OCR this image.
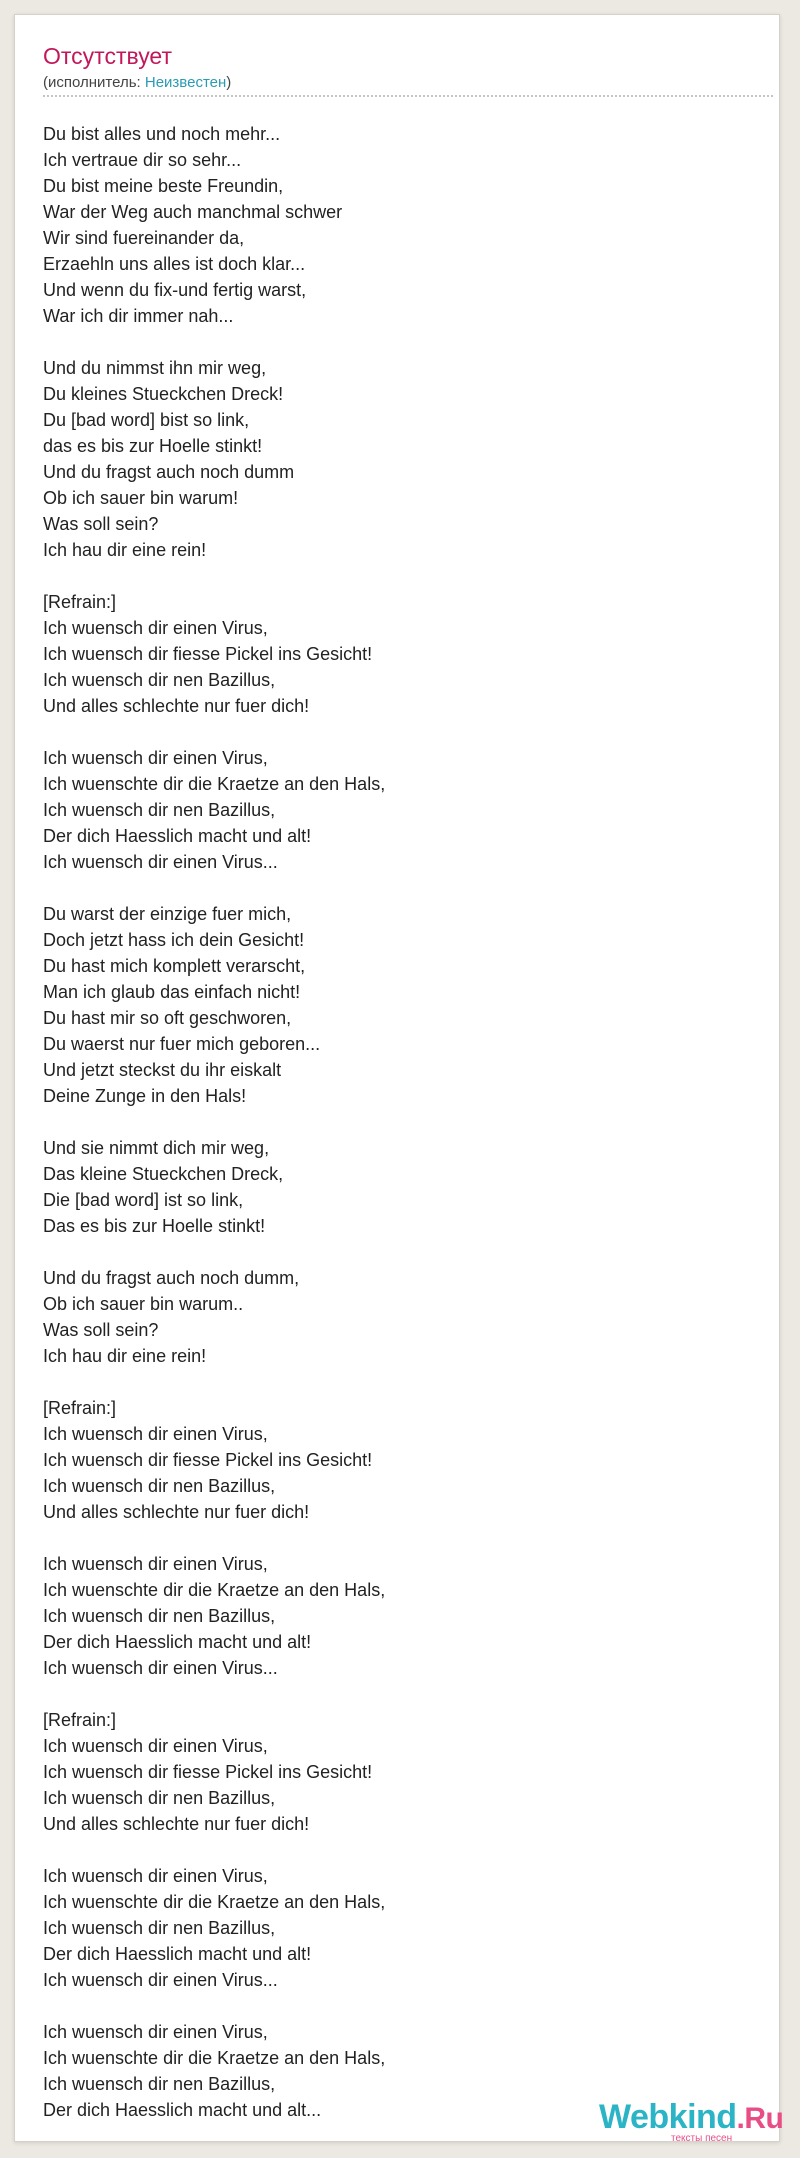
Отсутствует
(исполнитель: Неизвестен)
Du bist alles und noch mehr...
Ich vertraue dir so sehr...
Du bist meine beste Freundin,
War der Weg auch manchmal schwer
Wir sind fuereinander da,
Erzaehln uns alles ist doch klar...
Und wenn du fix-und fertig warst,
War ich dir immer nah...
Und du nimmst ihn mir weg,
Du kleines Stueckchen Dreck!
Du [bad word] bist so link,
das es bis zur Hoelle stinkt!
Und du fragst auch noch dumm
Ob ich sauer bin warum!
Was soll sein?
Ich hau dir eine rein!
[Refrain:]
Ich wuensch dir einen Virus,
Ich wuensch dir fiesse Pickel ins Gesicht!
Ich wuensch dir nen Bazillus,
Und alles schlechte nur fuer dich!
Ich wuensch dir einen Virus,
Ich wuenschte dir die Kraetze an den Hals,
Ich wuensch dir nen Bazillus,
Der dich Haesslich macht und alt!
Ich wuensch dir einen Virus...
Du warst der einzige fuer mich,
Doch jetzt hass ich dein Gesicht!
Du hast mich komplett verarscht,
Man ich glaub das einfach nicht!
Du hast mir so oft geschworen,
Du waerst nur fuer mich geboren...
Und jetzt steckst du ihr eiskalt
Deine Zunge in den Hals!
Und sie nimmt dich mir weg,
Das kleine Stueckchen Dreck,
Die [bad word] ist so link,
Das es bis zur Hoelle stinkt!
Und du fragst auch noch dumm,
Ob ich sauer bin warum..
Was soll sein?
Ich hau dir eine rein!
[Refrain:]
Ich wuensch dir einen Virus,
Ich wuensch dir fiesse Pickel ins Gesicht!
Ich wuensch dir nen Bazillus,
Und alles schlechte nur fuer dich!
Ich wuensch dir einen Virus,
Ich wuenschte dir die Kraetze an den Hals,
Ich wuensch dir nen Bazillus,
Der dich Haesslich macht und alt!
Ich wuensch dir einen Virus...
[Refrain:]
Ich wuensch dir einen Virus,
Ich wuensch dir fiesse Pickel ins Gesicht!
Ich wuensch dir nen Bazillus,
Und alles schlechte nur fuer dich!
Ich wuensch dir einen Virus,
Ich wuenschte dir die Kraetze an den Hals,
Ich wuensch dir nen Bazillus,
Der dich Haesslich macht und alt!
Ich wuensch dir einen Virus...
Ich wuensch dir einen Virus,
Ich wuenschte dir die Kraetze an den Hals,
Ich wuensch dir nen Bazillus,
Der dich Haesslich macht und alt...	Webkind.Ru
тексты песен
